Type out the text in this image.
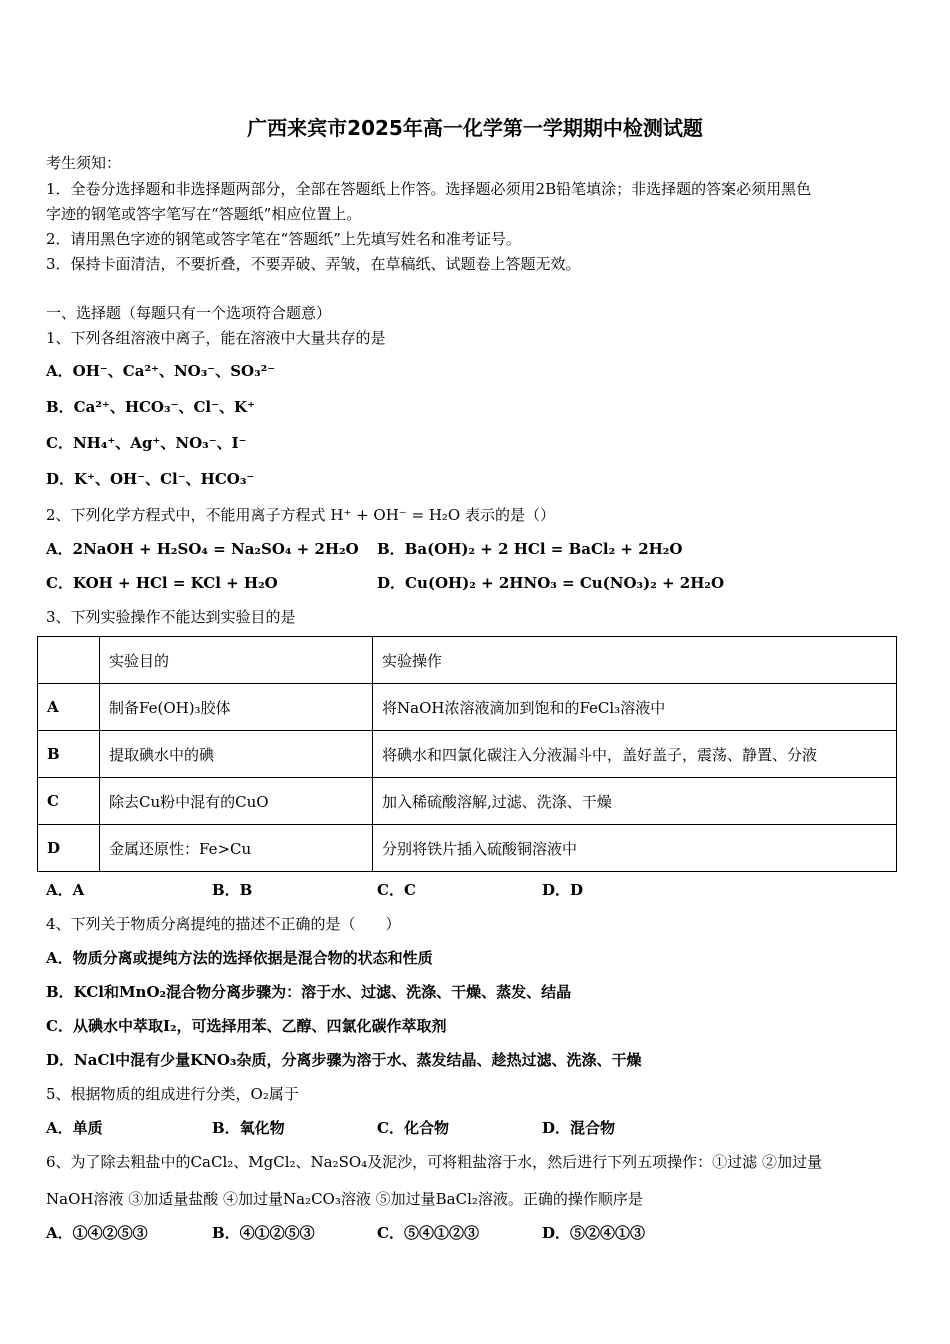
广西来宾市2025年高一化学第一学期期中检测试题
考生须知：
1．全卷分选择题和非选择题两部分，全部在答题纸上作答。选择题必须用2B铅笔填涂；非选择题的答案必须用黑色
字迹的钢笔或答字笔写在“答题纸”相应位置上。
2．请用黑色字迹的钢笔或答字笔在“答题纸”上先填写姓名和准考证号。
3．保持卡面清洁，不要折叠，不要弄破、弄皱，在草稿纸、试题卷上答题无效。
一、选择题（每题只有一个选项符合题意）
1、下列各组溶液中离子，能在溶液中大量共存的是
A．OH⁻、Ca²⁺、NO₃⁻、SO₃²⁻
B．Ca²⁺、HCO₃⁻、Cl⁻、K⁺
C．NH₄⁺、Ag⁺、NO₃⁻、I⁻
D．K⁺、OH⁻、Cl⁻、HCO₃⁻
2、下列化学方程式中，不能用离子方程式 H⁺ + OH⁻ = H₂O 表示的是（）
A．2NaOH + H₂SO₄ = Na₂SO₄ + 2H₂O B．Ba(OH)₂ + 2 HCl = BaCl₂ + 2H₂O
C．KOH + HCl = KCl + H₂O	D．Cu(OH)₂ + 2HNO₃ = Cu(NO₃)₂ + 2H₂O
3、下列实验操作不能达到实验目的是
	实验目的	实验操作
A	制备Fe(OH)₃胶体	将NaOH浓溶液滴加到饱和的FeCl₃溶液中
B	提取碘水中的碘	将碘水和四氯化碳注入分液漏斗中，盖好盖子，震荡、静置、分液
C	除去Cu粉中混有的CuO	加入稀硫酸溶解,过滤、洗涤、干燥
D	金属还原性：Fe>Cu	分别将铁片插入硫酸铜溶液中
A．A	B．B	C．C	D．D
4、下列关于物质分离提纯的描述不正确的是（　　）
A．物质分离或提纯方法的选择依据是混合物的状态和性质
B．KCl和MnO₂混合物分离步骤为：溶于水、过滤、洗涤、干燥、蒸发、结晶
C．从碘水中萃取I₂，可选择用苯、乙醇、四氯化碳作萃取剂
D．NaCl中混有少量KNO₃杂质，分离步骤为溶于水、蒸发结晶、趁热过滤、洗涤、干燥
5、根据物质的组成进行分类，O₂属于
A．单质	B．氧化物	C．化合物	D．混合物
6、为了除去粗盐中的CaCl₂、MgCl₂、Na₂SO₄及泥沙，可将粗盐溶于水，然后进行下列五项操作：①过滤 ②加过量
NaOH溶液 ③加适量盐酸 ④加过量Na₂CO₃溶液 ⑤加过量BaCl₂溶液。正确的操作顺序是
A．①④②⑤③	B．④①②⑤③	C．⑤④①②③	D．⑤②④①③
